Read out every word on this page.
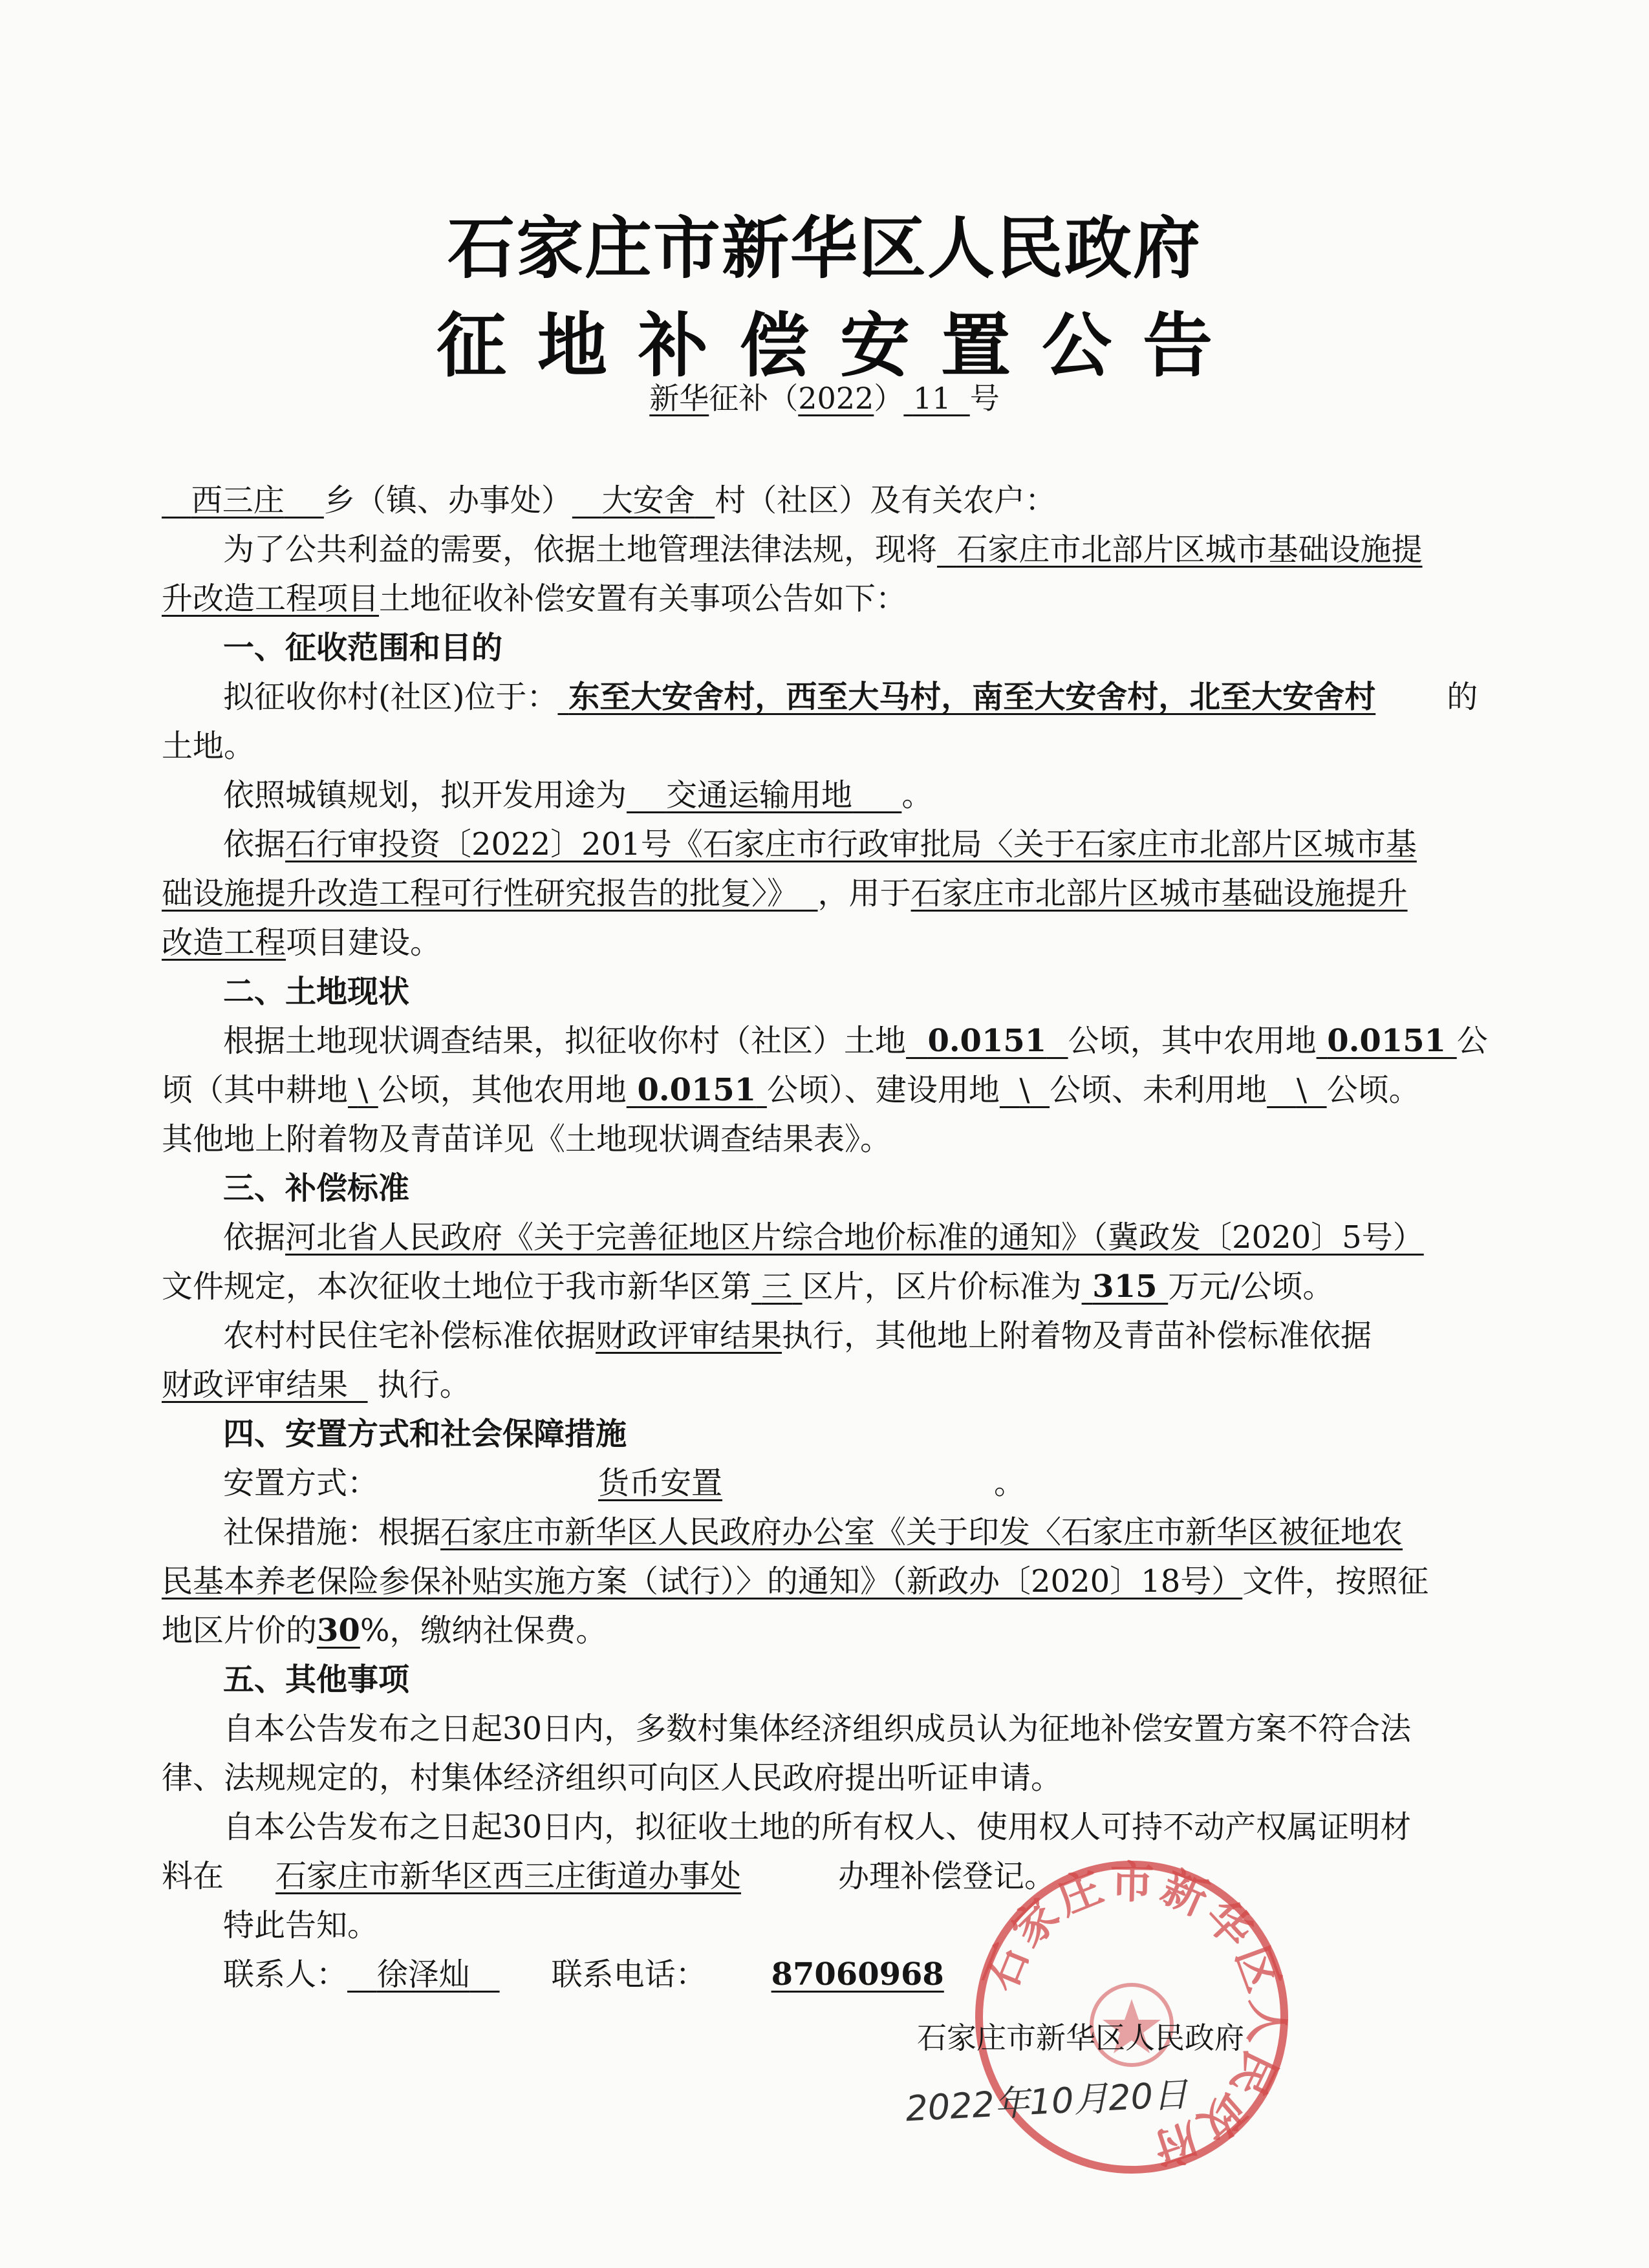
石家庄市新华区人民政府
征地补偿安置公告
新华征补（2022） 11 号
西三庄 乡（镇、办事处） 大安舍 村（社区）及有关农户：
为了公共利益的需要，依据土地管理法律法规，现将 石家庄市北部片区城市基础设施提
升改造工程项目土地征收补偿安置有关事项公告如下：
一、征收范围和目的
拟征收你村(社区)位于： 东至大安舍村，西至大马村，南至大安舍村，北至大安舍村 的
土地。
依照城镇规划，拟开发用途为 交通运输用地 。
依据石行审投资〔2022〕201号《石家庄市行政审批局〈关于石家庄市北部片区城市基
础设施提升改造工程可行性研究报告的批复〉》 ，用于石家庄市北部片区城市基础设施提升
改造工程项目建设。
二、土地现状
根据土地现状调查结果，拟征收你村（社区）土地 0.0151 公顷，其中农用地 0.0151 公
顷（其中耕地 \ 公顷，其他农用地 0.0151 公顷）、建设用地 \ 公顷、未利用地 \ 公顷。
其他地上附着物及青苗详见《土地现状调查结果表》。
三、补偿标准
依据河北省人民政府《关于完善征地区片综合地价标准的通知》（冀政发〔2020〕5号）
文件规定，本次征收土地位于我市新华区第 三 区片，区片价标准为 315 万元/公顷。
农村村民住宅补偿标准依据财政评审结果执行，其他地上附着物及青苗补偿标准依据
财政评审结果 执行。
四、安置方式和社会保障措施
安置方式：	货币安置	。
社保措施：根据石家庄市新华区人民政府办公室《关于印发〈石家庄市新华区被征地农
民基本养老保险参保补贴实施方案（试行）〉的通知》（新政办〔2020〕18号）文件，按照征
地区片价的30%，缴纳社保费。
五、其他事项
自本公告发布之日起30日内，多数村集体经济组织成员认为征地补偿安置方案不符合法
律、法规规定的，村集体经济组织可向区人民政府提出听证申请。
自本公告发布之日起30日内，拟征收土地的所有权人、使用权人可持不动产权属证明材
料在 石家庄市新华区西三庄街道办事处	办理补偿登记。
特此告知。
联系人： 徐泽灿	联系电话： 87060968 石家庄市新华区人民政府
石家庄市新华区人民政府
2022年10月20日
